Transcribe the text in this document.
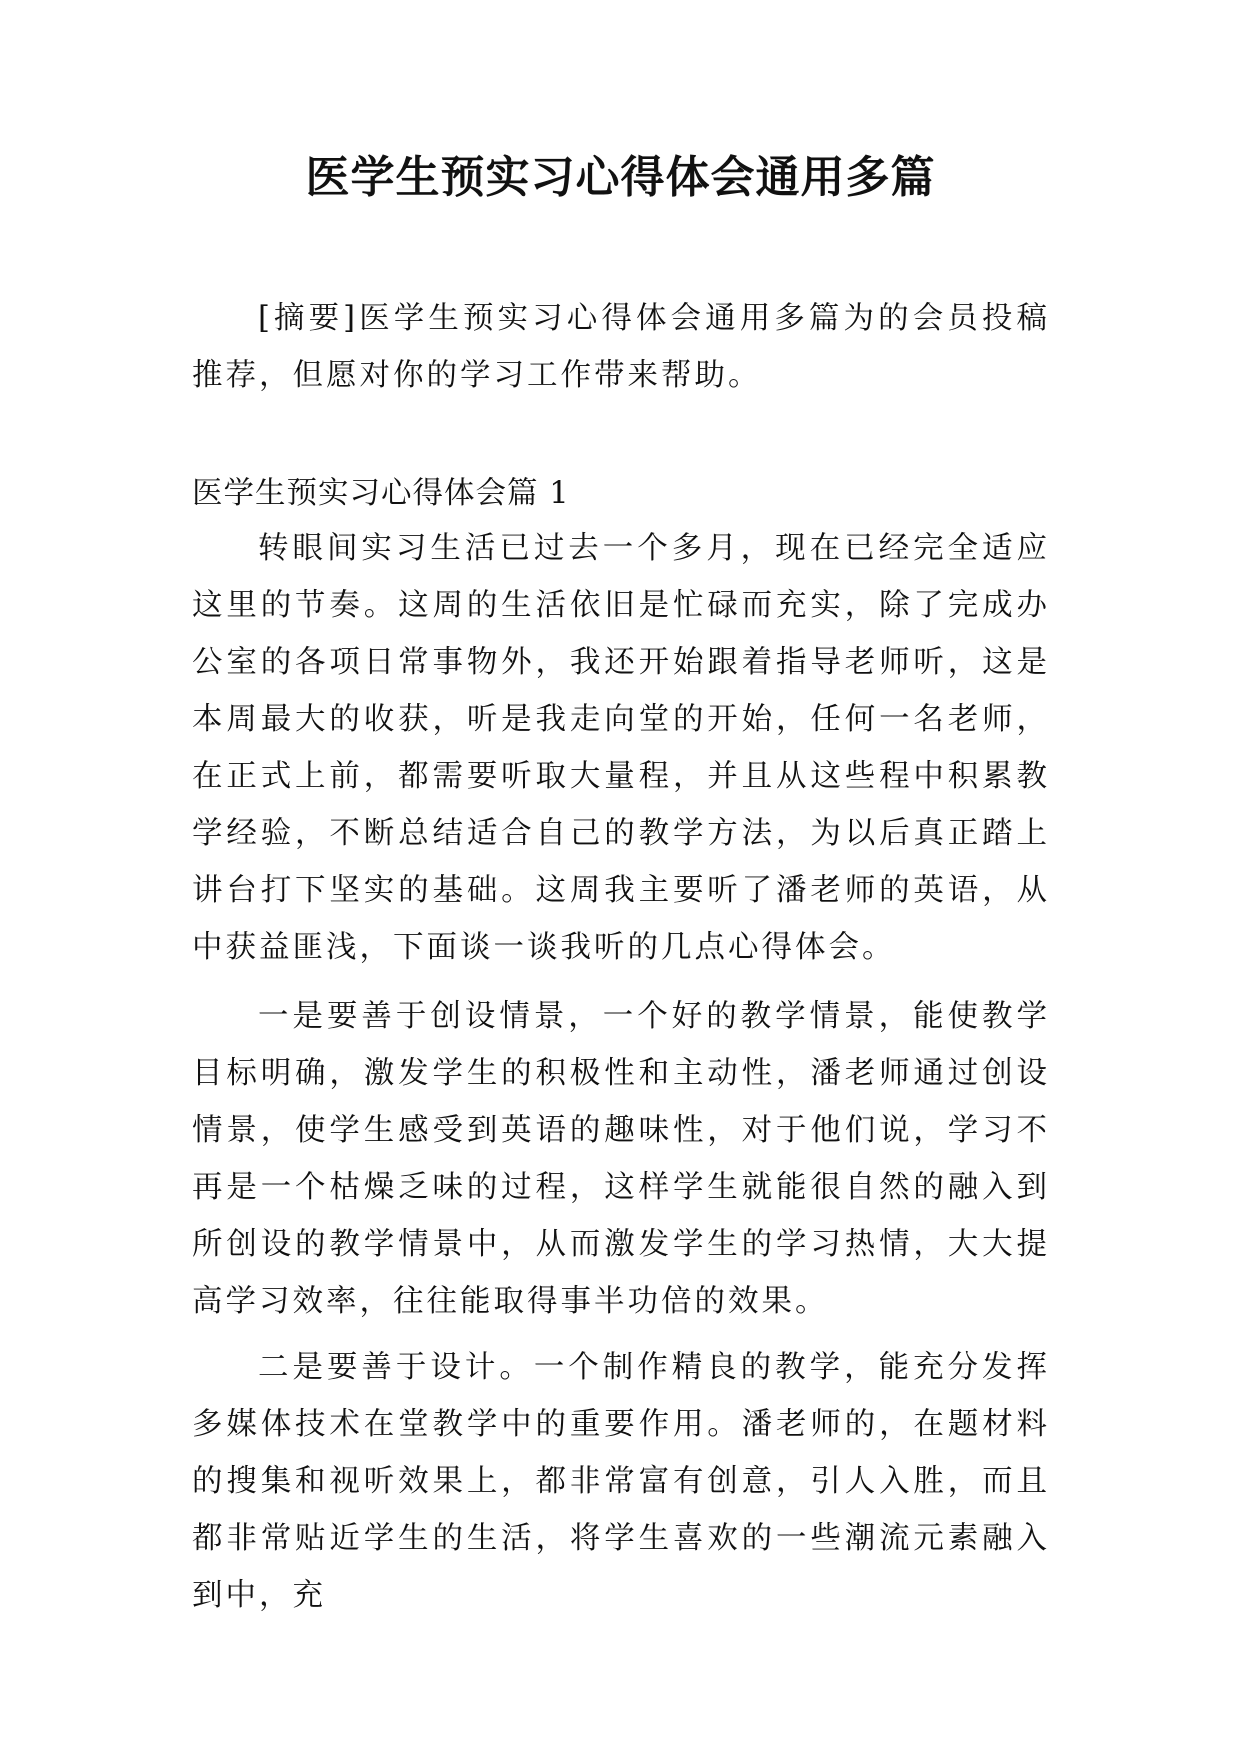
医学生预实习心得体会通用多篇

[摘要]医学生预实习心得体会通用多篇为的会员投稿推荐，但愿对你的学习工作带来帮助。

医学生预实习心得体会篇 1

转眼间实习生活已过去一个多月，现在已经完全适应这里的节奏。这周的生活依旧是忙碌而充实，除了完成办公室的各项日常事物外，我还开始跟着指导老师听，这是本周最大的收获，听是我走向堂的开始，任何一名老师，在正式上前，都需要听取大量程，并且从这些程中积累教学经验，不断总结适合自己的教学方法，为以后真正踏上讲台打下坚实的基础。这周我主要听了潘老师的英语，从中获益匪浅，下面谈一谈我听的几点心得体会。

一是要善于创设情景，一个好的教学情景，能使教学目标明确，激发学生的积极性和主动性，潘老师通过创设情景，使学生感受到英语的趣味性，对于他们说，学习不再是一个枯燥乏味的过程，这样学生就能很自然的融入到所创设的教学情景中，从而激发学生的学习热情，大大提高学习效率，往往能取得事半功倍的效果。

二是要善于设计。一个制作精良的教学，能充分发挥多媒体技术在堂教学中的重要作用。潘老师的，在题材料的搜集和视听效果上，都非常富有创意，引人入胜，而且都非常贴近学生的生活，将学生喜欢的一些潮流元素融入到中，充
